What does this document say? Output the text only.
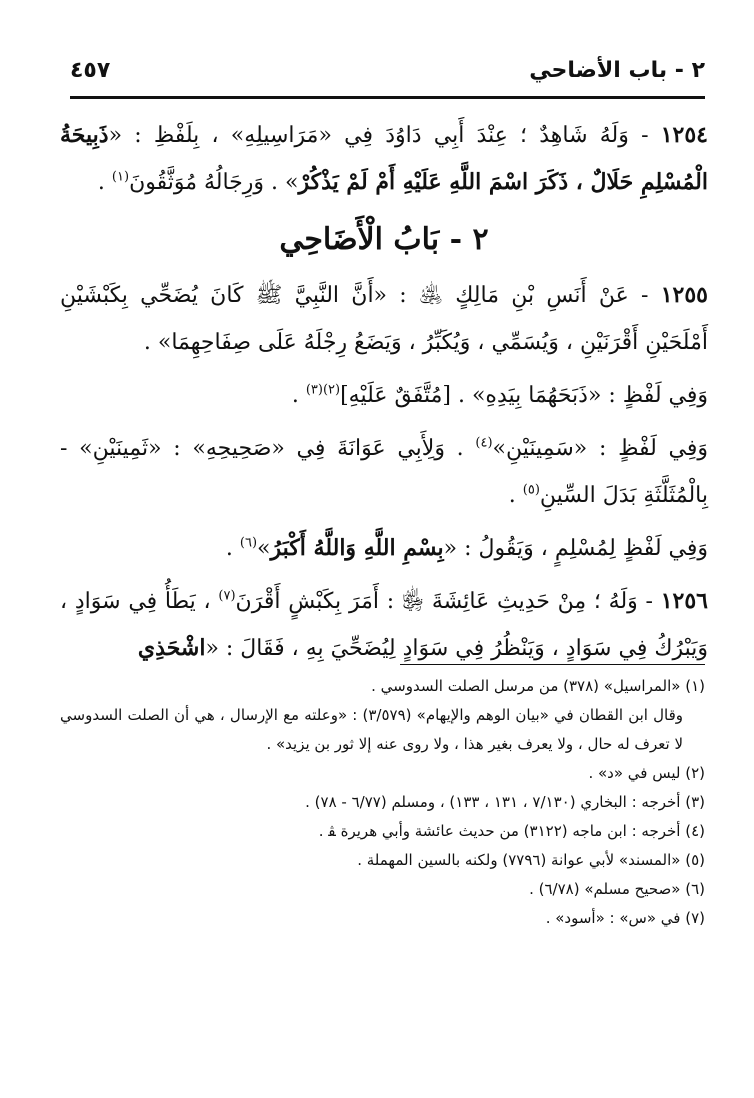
٢ - باب الأضاحي
٤٥٧

١٢٥٤ - وَلَهُ شَاهِدٌ ؛ عِنْدَ أَبِي دَاوُدَ فِي «مَرَاسِيلِهِ» ، بِلَفْظِ : «ذَبِيحَةُ الْمُسْلِمِ حَلَالٌ ، ذَكَرَ اسْمَ اللَّهِ عَلَيْهِ أَمْ لَمْ يَذْكُرْ» . وَرِجَالُهُ مُوَثَّقُونَ$^{(١)}$ .

٢ - بَابُ الْأَضَاحِي

١٢٥٥ - عَنْ أَنَسِ بْنِ مَالِكٍ ﵁ : «أَنَّ النَّبِيَّ ﷺ كَانَ يُضَحِّي بِكَبْشَيْنِ أَمْلَحَيْنِ أَقْرَنَيْنِ ، وَيُسَمِّي ، وَيُكَبِّرُ ، وَيَضَعُ رِجْلَهُ عَلَى صِفَاحِهِمَا» .

وَفِي لَفْظٍ : «ذَبَحَهُمَا بِيَدِهِ» . [مُتَّفَقٌ عَلَيْهِ]$^{(٢)(٣)}$ .

وَفِي لَفْظٍ : «سَمِينَيْنِ»$^{(٤)}$ . وَلِأَبِي عَوَانَةَ فِي «صَحِيحِهِ» : «ثَمِينَيْنِ» - بِالْمُثَلَّثَةِ بَدَلَ السِّينِ$^{(٥)}$ .

وَفِي لَفْظٍ لِمُسْلِمٍ ، وَيَقُولُ : «بِسْمِ اللَّهِ وَاللَّهُ أَكْبَرُ»$^{(٦)}$ .

١٢٥٦ - وَلَهُ ؛ مِنْ حَدِيثِ عَائِشَةَ ﵂ : أَمَرَ بِكَبْشٍ أَقْرَنَ$^{(٧)}$ ، يَطَأُ فِي سَوَادٍ ، وَيَبْرُكُ فِي سَوَادٍ ، وَيَنْظُرُ فِي سَوَادٍ لِيُضَحِّيَ بِهِ ، فَقَالَ : «اشْحَذِي

(١) «المراسيل» (٣٧٨) من مرسل الصلت السدوسي .

وقال ابن القطان في «بيان الوهم والإيهام» (٣/٥٧٩) : «وعلته مع الإرسال ، هي أن الصلت السدوسي لا تعرف له حال ، ولا يعرف بغير هذا ، ولا روى عنه إلا ثور بن يزيد» .

(٢) ليس في «د» .

(٣) أخرجه : البخاري (٧/١٣٠ ، ١٣١ ، ١٣٣) ، ومسلم (٦/٧٧ - ٧٨) .

(٤) أخرجه : ابن ماجه (٣١٢٢) من حديث عائشة وأبي هريرة ﭭ .

(٥) «المسند» لأبي عوانة (٧٧٩٦) ولكنه بالسين المهملة .

(٦) «صحيح مسلم» (٦/٧٨) .

(٧) في «س» : «أسود» .
